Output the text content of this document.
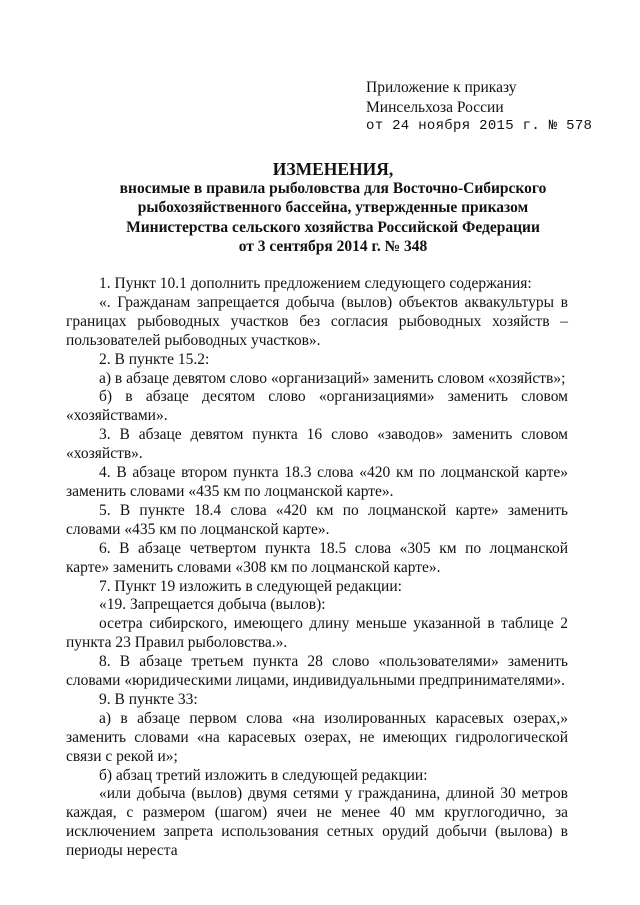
Приложение к приказу
Минсельхоза России
от 24 ноября 2015 г. № 578
ИЗМЕНЕНИЯ,
вносимые в правила рыболовства для Восточно-Сибирского
рыбохозяйственного бассейна, утвержденные приказом
Министерства сельского хозяйства Российской Федерации
от 3 сентября 2014 г. № 348

1. Пункт 10.1 дополнить предложением следующего содержания:

«. Гражданам запрещается добыча (вылов) объектов аквакультуры в границах рыбоводных участков без согласия рыбоводных хозяйств – пользователей рыбоводных участков».

2. В пункте 15.2:

а) в абзаце девятом слово «организаций» заменить словом «хозяйств»;

б) в абзаце десятом слово «организациями» заменить словом «хозяйствами».

3. В абзаце девятом пункта 16 слово «заводов» заменить словом «хозяйств».

4. В абзаце втором пункта 18.3 слова «420 км по лоцманской карте» заменить словами «435 км по лоцманской карте».

5. В пункте 18.4 слова «420 км по лоцманской карте» заменить словами «435 км по лоцманской карте».

6. В абзаце четвертом пункта 18.5 слова «305 км по лоцманской карте» заменить словами «308 км по лоцманской карте».

7. Пункт 19 изложить в следующей редакции:

«19. Запрещается добыча (вылов):

осетра сибирского, имеющего длину меньше указанной в таблице 2 пункта 23 Правил рыболовства.».

8. В абзаце третьем пункта 28 слово «пользователями» заменить словами «юридическими лицами, индивидуальными предпринимателями».

9. В пункте 33:

а) в абзаце первом слова «на изолированных карасевых озерах,» заменить словами «на карасевых озерах, не имеющих гидрологической связи с рекой и»;

б) абзац третий изложить в следующей редакции:

«или добыча (вылов) двумя сетями у гражданина, длиной 30 метров каждая, с размером (шагом) ячеи не менее 40 мм круглогодично, за исключением запрета использования сетных орудий добычи (вылова) в периоды нереста
